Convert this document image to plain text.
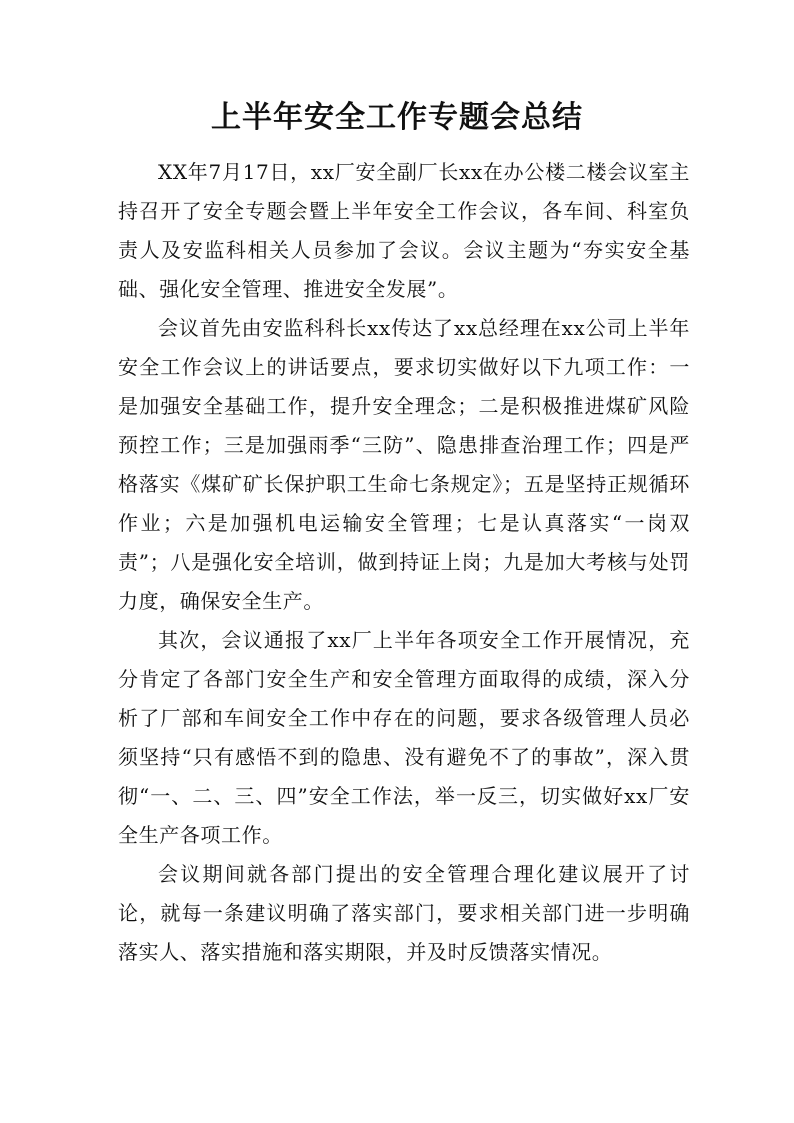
上半年安全工作专题会总结

XX年7月17日，xx厂安全副厂长xx在办公楼二楼会议室主持召开了安全专题会暨上半年安全工作会议，各车间、科室负责人及安监科相关人员参加了会议。会议主题为“夯实安全基础、强化安全管理、推进安全发展”。

会议首先由安监科科长xx传达了xx总经理在xx公司上半年安全工作会议上的讲话要点，要求切实做好以下九项工作：一是加强安全基础工作，提升安全理念；二是积极推进煤矿风险预控工作；三是加强雨季“三防”、隐患排查治理工作；四是严格落实《煤矿矿长保护职工生命七条规定》；五是坚持正规循环作业；六是加强机电运输安全管理；七是认真落实“一岗双责”；八是强化安全培训，做到持证上岗；九是加大考核与处罚力度，确保安全生产。

其次，会议通报了xx厂上半年各项安全工作开展情况，充分肯定了各部门安全生产和安全管理方面取得的成绩，深入分析了厂部和车间安全工作中存在的问题，要求各级管理人员必须坚持“只有感悟不到的隐患、没有避免不了的事故”，深入贯彻“一、二、三、四”安全工作法，举一反三，切实做好xx厂安全生产各项工作。

会议期间就各部门提出的安全管理合理化建议展开了讨论，就每一条建议明确了落实部门，要求相关部门进一步明确落实人、落实措施和落实期限，并及时反馈落实情况。
